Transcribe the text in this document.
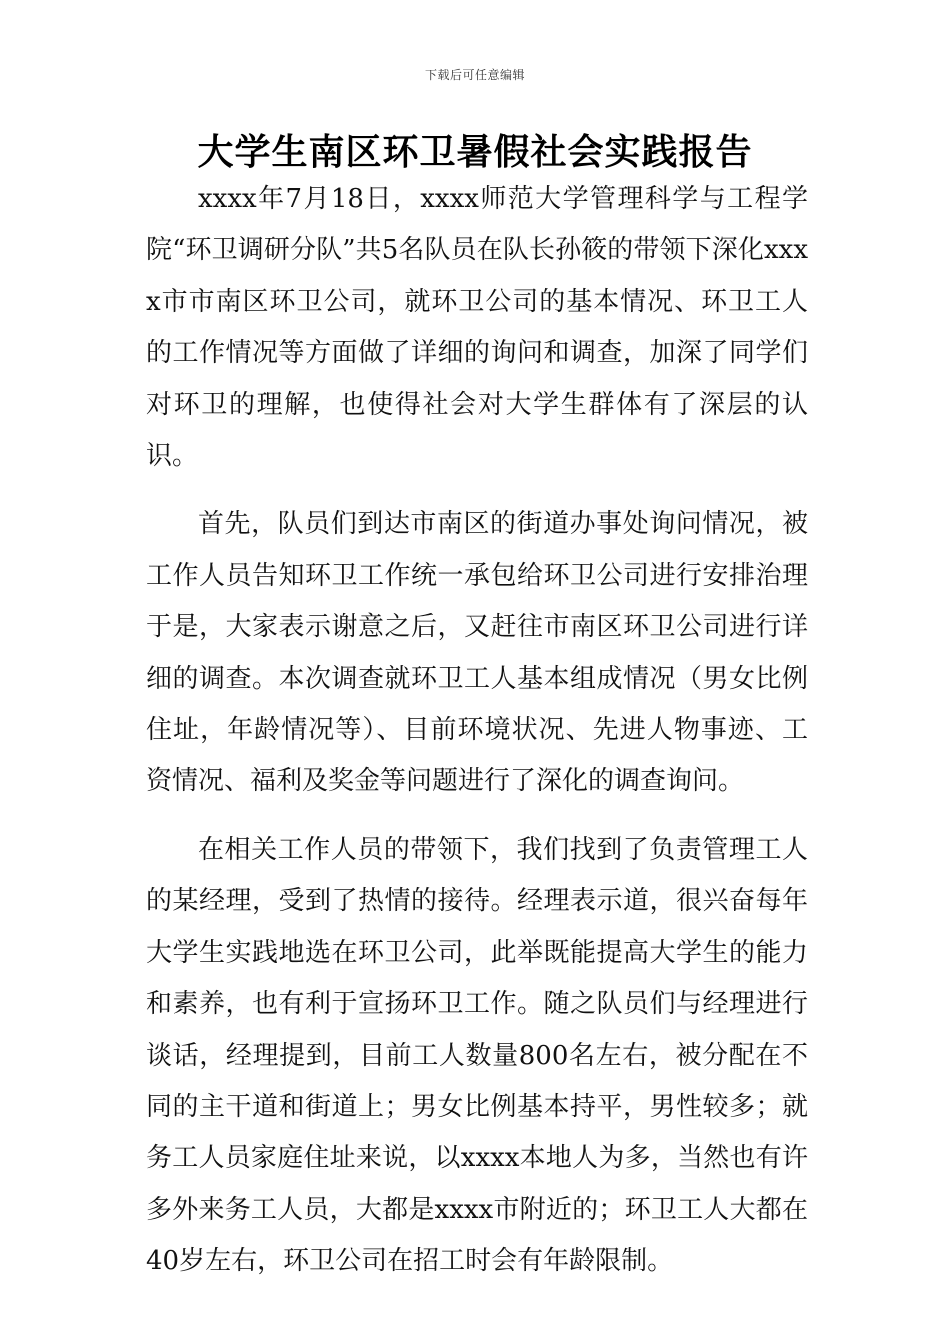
下载后可任意编辑
大学生南区环卫暑假社会实践报告

xxxx年7月18日，xxxx师范大学管理科学与工程学院“环卫调研分队”共5名队员在队长孙筱的带领下深化xxxx市市南区环卫公司，就环卫公司的基本情况、环卫工人的工作情况等方面做了详细的询问和调查，加深了同学们对环卫的理解，也使得社会对大学生群体有了深层的认识。

首先，队员们到达市南区的街道办事处询问情况，被工作人员告知环卫工作统一承包给环卫公司进行安排治理于是，大家表示谢意之后，又赶往市南区环卫公司进行详细的调查。本次调查就环卫工人基本组成情况（男女比例住址，年龄情况等）、目前环境状况、先进人物事迹、工资情况、福利及奖金等问题进行了深化的调查询问。

在相关工作人员的带领下，我们找到了负责管理工人的某经理，受到了热情的接待。经理表示道，很兴奋每年大学生实践地选在环卫公司，此举既能提高大学生的能力和素养，也有利于宣扬环卫工作。随之队员们与经理进行谈话，经理提到，目前工人数量800名左右，被分配在不同的主干道和街道上；男女比例基本持平，男性较多；就务工人员家庭住址来说，以xxxx本地人为多，当然也有许多外来务工人员，大都是xxxx市附近的；环卫工人大都在40岁左右，环卫公司在招工时会有年龄限制。
